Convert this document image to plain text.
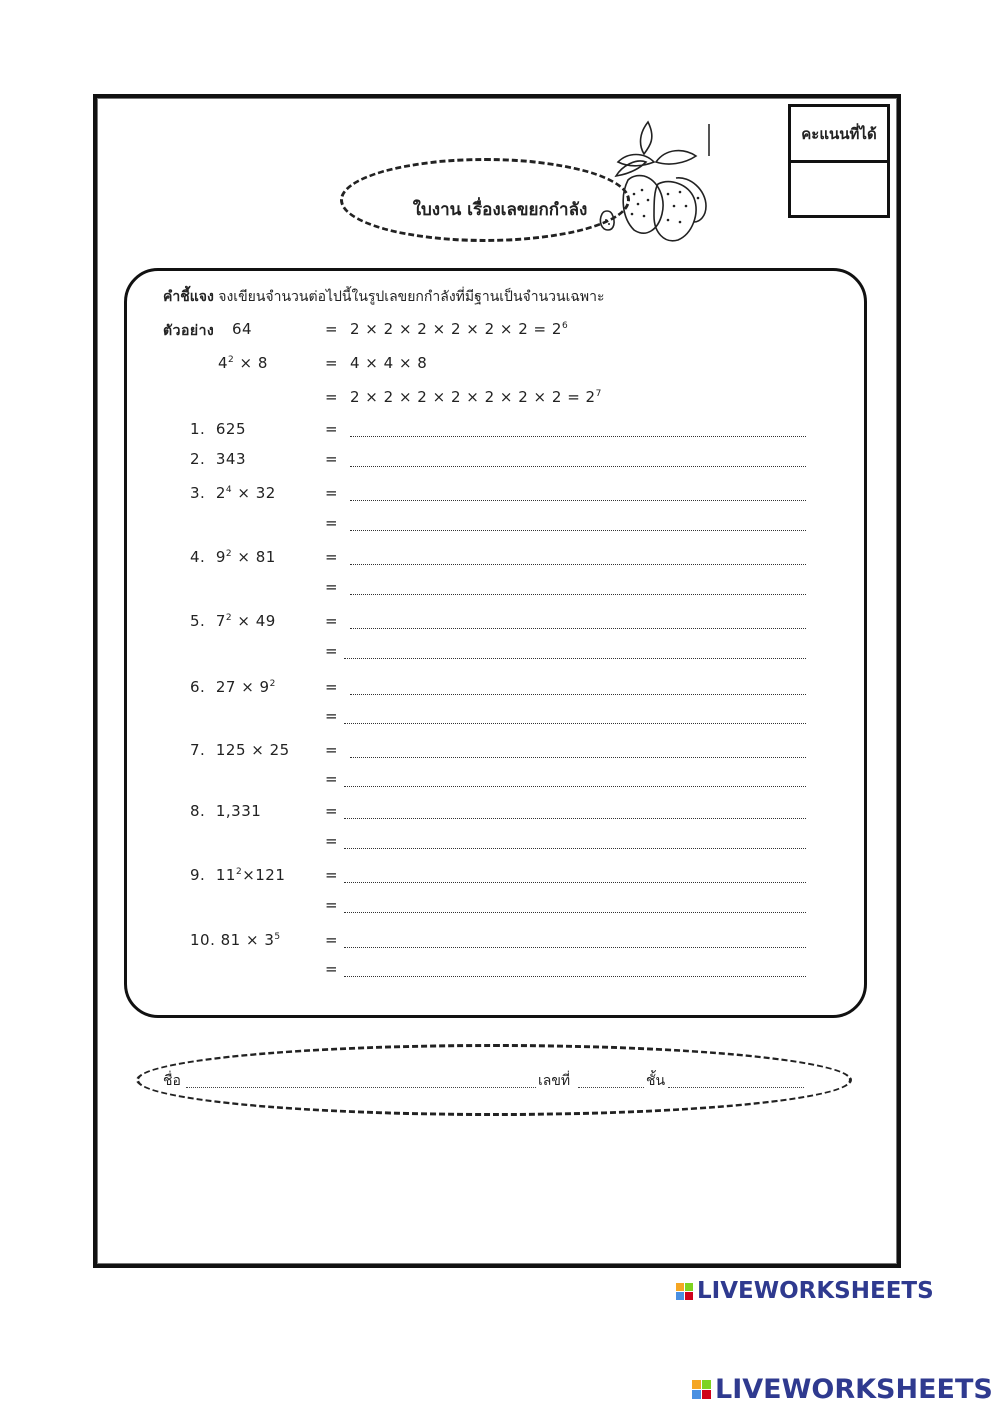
คะแนนที่ได้
ใบงาน เรื่องเลขยกกำลัง
คำชี้แจง จงเขียนจำนวนต่อไปนี้ในรูปเลขยกกำลังที่มีฐานเป็นจำนวนเฉพาะ
ตัวอย่าง 64	= $2 \times 2 \times 2 \times 2 \times 2 \times 2 = 2^6$
$4^2 \times 8$	= 4 × 4 × 8
= $2 \times 2 \times 2 \times 2 \times 2 \times 2 \times 2 = 2^7$
1. 625	=
2. 343	=
3. $2^4 \times 32$	=
=
4. $9^2 \times 81$	=
=
5. $7^2 \times 49$	=
=
6. $27 \times 9^2$	=
=
7. 125 × 25 =
=
8. 1,331	=
=
9. $11^2\times 121$	=
=
10. $81 \times 3^5$	=
=
ชื่อ	เลขที่	ชั้น
LIVEWORKSHEETS
LIVEWORKSHEETS
